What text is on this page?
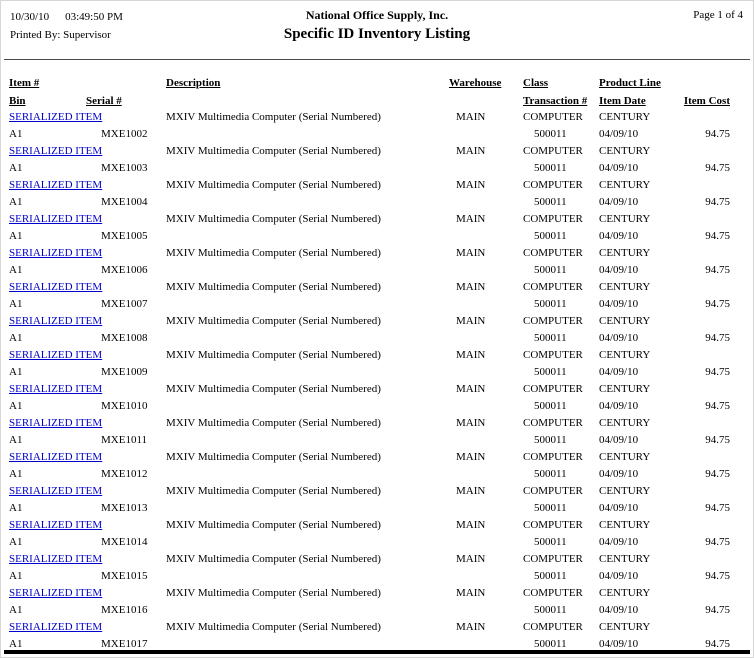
10/30/10 03:49:50 PM
Printed By: Supervisor
National Office Supply, Inc.
Specific ID Inventory Listing
Page 1 of 4
Item #	Description	Warehouse Class	Product Line
Bin	Serial #	Transaction # Item Date	Item Cost
SERIALIZED ITEM	MXIV Multimedia Computer (Serial Numbered)	MAIN	COMPUTER CENTURY
A1	MXE1002	500011	04/09/10	94.75
SERIALIZED ITEM	MXIV Multimedia Computer (Serial Numbered)	MAIN	COMPUTER CENTURY
A1	MXE1003	500011	04/09/10	94.75
SERIALIZED ITEM	MXIV Multimedia Computer (Serial Numbered)	MAIN	COMPUTER CENTURY
A1	MXE1004	500011	04/09/10	94.75
SERIALIZED ITEM	MXIV Multimedia Computer (Serial Numbered)	MAIN	COMPUTER CENTURY
A1	MXE1005	500011	04/09/10	94.75
SERIALIZED ITEM	MXIV Multimedia Computer (Serial Numbered)	MAIN	COMPUTER CENTURY
A1	MXE1006	500011	04/09/10	94.75
SERIALIZED ITEM	MXIV Multimedia Computer (Serial Numbered)	MAIN	COMPUTER CENTURY
A1	MXE1007	500011	04/09/10	94.75
SERIALIZED ITEM	MXIV Multimedia Computer (Serial Numbered)	MAIN	COMPUTER CENTURY
A1	MXE1008	500011	04/09/10	94.75
SERIALIZED ITEM	MXIV Multimedia Computer (Serial Numbered)	MAIN	COMPUTER CENTURY
A1	MXE1009	500011	04/09/10	94.75
SERIALIZED ITEM	MXIV Multimedia Computer (Serial Numbered)	MAIN	COMPUTER CENTURY
A1	MXE1010	500011	04/09/10	94.75
SERIALIZED ITEM	MXIV Multimedia Computer (Serial Numbered)	MAIN	COMPUTER CENTURY
A1	MXE1011	500011	04/09/10	94.75
SERIALIZED ITEM	MXIV Multimedia Computer (Serial Numbered)	MAIN	COMPUTER CENTURY
A1	MXE1012	500011	04/09/10	94.75
SERIALIZED ITEM	MXIV Multimedia Computer (Serial Numbered)	MAIN	COMPUTER CENTURY
A1	MXE1013	500011	04/09/10	94.75
SERIALIZED ITEM	MXIV Multimedia Computer (Serial Numbered)	MAIN	COMPUTER CENTURY
A1	MXE1014	500011	04/09/10	94.75
SERIALIZED ITEM	MXIV Multimedia Computer (Serial Numbered)	MAIN	COMPUTER CENTURY
A1	MXE1015	500011	04/09/10	94.75
SERIALIZED ITEM	MXIV Multimedia Computer (Serial Numbered)	MAIN	COMPUTER CENTURY
A1	MXE1016	500011	04/09/10	94.75
SERIALIZED ITEM	MXIV Multimedia Computer (Serial Numbered)	MAIN	COMPUTER CENTURY
A1	MXE1017	500011	04/09/10	94.75
